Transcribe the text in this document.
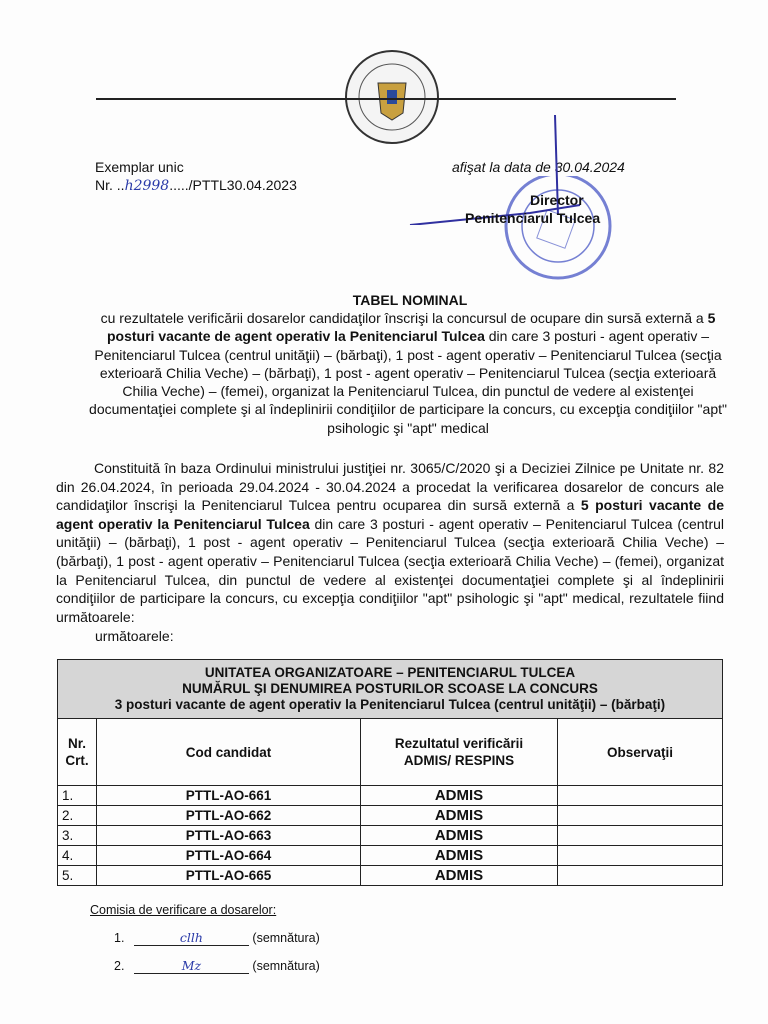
Exemplar unic
Nr. ..h2998...../PTTL30.04.2023
afişat la data de 30.04.2024
Director
Penitenciarul Tulcea
TABEL NOMINAL
cu rezultatele verificării dosarelor candidaţilor înscrişi la concursul de ocupare din sursă externă a 5 posturi vacante de agent operativ la Penitenciarul Tulcea din care 3 posturi - agent operativ – Penitenciarul Tulcea (centrul unităţii) – (bărbaţi), 1 post - agent operativ – Penitenciarul Tulcea (secţia exterioară Chilia Veche) – (bărbaţi), 1 post - agent operativ – Penitenciarul Tulcea (secţia exterioară Chilia Veche) – (femei), organizat la Penitenciarul Tulcea, din punctul de vedere al existenţei documentaţiei complete şi al îndeplinirii condiţiilor de participare la concurs, cu excepţia condiţiilor "apt" psihologic şi "apt" medical
Constituită în baza Ordinului ministrului justiţiei nr. 3065/C/2020 şi a Deciziei Zilnice pe Unitate nr. 82 din 26.04.2024, în perioada 29.04.2024 - 30.04.2024 a procedat la verificarea dosarelor de concurs ale candidaţilor înscrişi la Penitenciarul Tulcea pentru ocuparea din sursă externă a 5 posturi vacante de agent operativ la Penitenciarul Tulcea din care 3 posturi - agent operativ – Penitenciarul Tulcea (centrul unităţii) – (bărbaţi), 1 post - agent operativ – Penitenciarul Tulcea (secţia exterioară Chilia Veche) – (bărbaţi), 1 post - agent operativ – Penitenciarul Tulcea (secţia exterioară Chilia Veche) – (femei), organizat la Penitenciarul Tulcea, din punctul de vedere al existenţei documentaţiei complete şi al îndeplinirii condiţiilor de participare la concurs, cu excepţia condiţiilor "apt" psihologic şi "apt" medical, rezultatele fiind următoarele:
următoarele:
UNITATEA ORGANIZATOARE – PENITENCIARUL TULCEA
NUMĂRUL ŞI DENUMIREA POSTURILOR SCOASE LA CONCURS
3 posturi vacante de agent operativ la Penitenciarul Tulcea (centrul unităţii) – (bărbaţi)			

Nr. Crt.	Cod candidat	Rezultatul verificării ADMIS/ RESPINS	Observaţii
1.	PTTL-AO-661	ADMIS	
2.	PTTL-AO-662	ADMIS	
3.	PTTL-AO-663	ADMIS	
4.	PTTL-AO-664	ADMIS	
5.	PTTL-AO-665	ADMIS	
Comisia de verificare a dosarelor:
1.	cllh	(semnătura)
2.	Mz	(semnătura)
